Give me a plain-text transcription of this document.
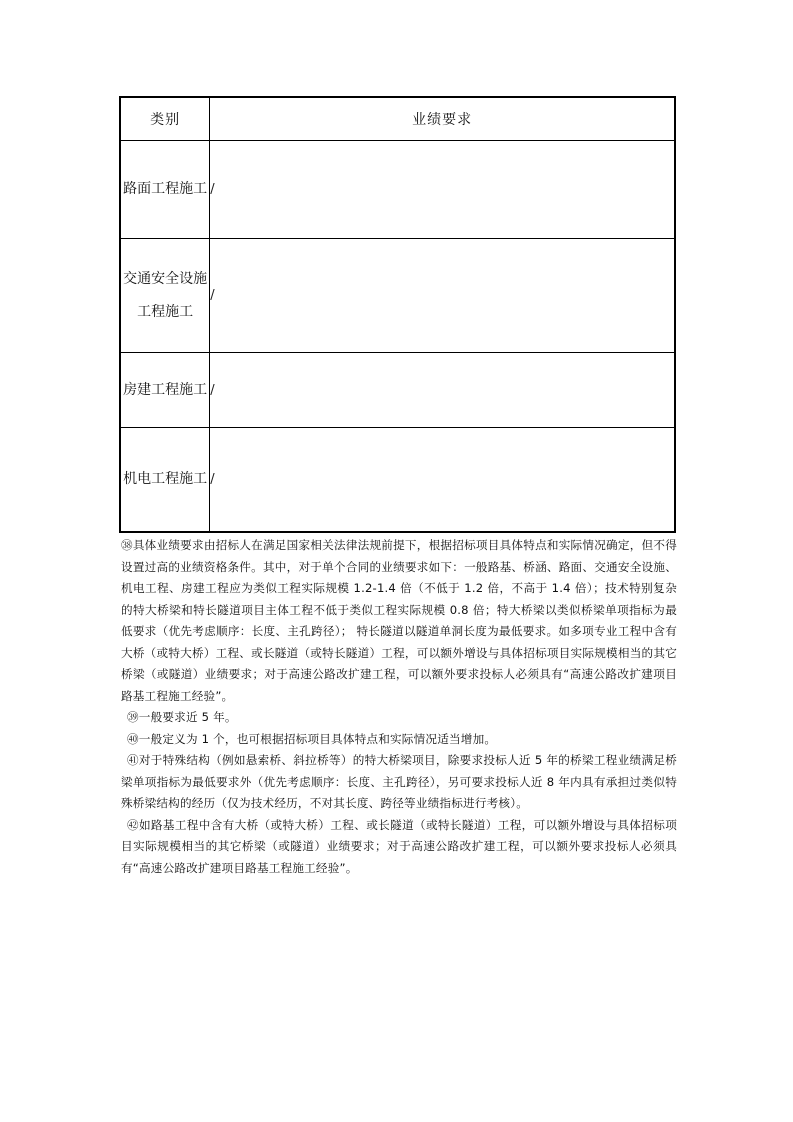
类别	业绩要求
路面工程施工	/
交通安全设施工程施工	/
房建工程施工	/
机电工程施工	/

㊳具体业绩要求由招标人在满足国家相关法律法规前提下，根据招标项目具体特点和实际情况确定，但不得设置过高的业绩资格条件。其中，对于单个合同的业绩要求如下：一般路基、桥涵、路面、交通安全设施、机电工程、房建工程应为类似工程实际规模 1.2-1.4 倍（不低于 1.2 倍，不高于 1.4 倍）；技术特别复杂的特大桥梁和特长隧道项目主体工程不低于类似工程实际规模 0.8 倍；特大桥梁以类似桥梁单项指标为最低要求（优先考虑顺序：长度、主孔跨径）； 特长隧道以隧道单洞长度为最低要求。如多项专业工程中含有大桥（或特大桥）工程、或长隧道（或特长隧道）工程，可以额外增设与具体招标项目实际规模相当的其它桥梁（或隧道）业绩要求；对于高速公路改扩建工程，可以额外要求投标人必须具有“高速公路改扩建项目路基工程施工经验”。

㊴一般要求近 5 年。

㊵一般定义为 1 个，也可根据招标项目具体特点和实际情况适当增加。

㊶对于特殊结构（例如悬索桥、斜拉桥等）的特大桥梁项目，除要求投标人近 5 年的桥梁工程业绩满足桥梁单项指标为最低要求外（优先考虑顺序：长度、主孔跨径），另可要求投标人近 8 年内具有承担过类似特殊桥梁结构的经历（仅为技术经历，不对其长度、跨径等业绩指标进行考核）。

㊷如路基工程中含有大桥（或特大桥）工程、或长隧道（或特长隧道）工程，可以额外增设与具体招标项目实际规模相当的其它桥梁（或隧道）业绩要求；对于高速公路改扩建工程，可以额外要求投标人必须具有“高速公路改扩建项目路基工程施工经验”。
